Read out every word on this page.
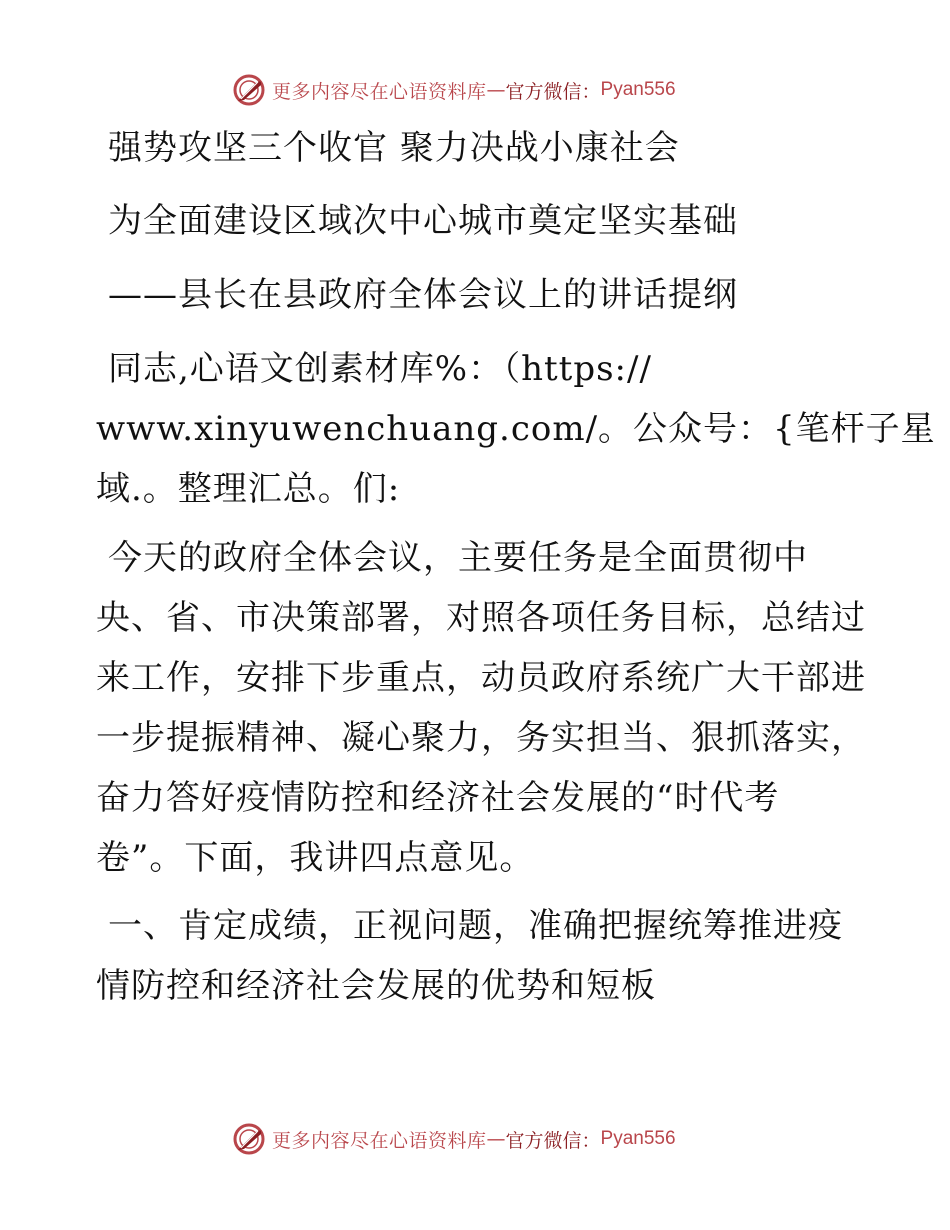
更多内容尽在心语资料库 — 官方微信： Pyan556
强势攻坚三个收官 聚力决战小康社会
为全面建设区域次中心城市奠定坚实基础
——县长在县政府全体会议上的讲话提纲
同志,心语文创素材库%：（https://
www.xinyuwenchuang.com/。公众号：{笔杆子星
域.。整理汇总。们:
今天的政府全体会议，主要任务是全面贯彻中
央、省、市决策部署，对照各项任务目标，总结过
来工作，安排下步重点，动员政府系统广大干部进
一步提振精神、凝心聚力，务实担当、狠抓落实，
奋力答好疫情防控和经济社会发展的“时代考
卷”。下面，我讲四点意见。
一、肯定成绩，正视问题，准确把握统筹推进疫
情防控和经济社会发展的优势和短板
更多内容尽在心语资料库 — 官方微信： Pyan556
